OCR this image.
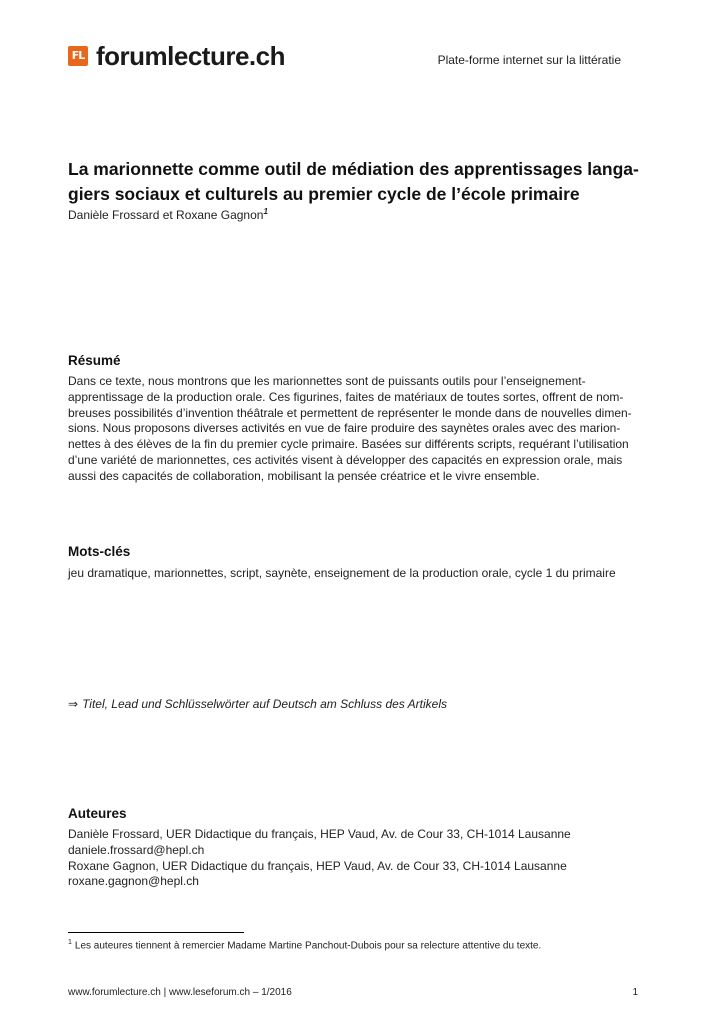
FL forumlecture.ch	Plate-forme internet sur la littératie
La marionnette comme outil de médiation des apprentissages langa-
giers sociaux et culturels au premier cycle de l’école primaire
Danièle Frossard et Roxane Gagnon$^1$
Résumé
Dans ce texte, nous montrons que les marionnettes sont de puissants outils pour l’enseignement-
apprentissage de la production orale. Ces figurines, faites de matériaux de toutes sortes, offrent de nom-
breuses possibilités d’invention théâtrale et permettent de représenter le monde dans de nouvelles dimen-
sions. Nous proposons diverses activités en vue de faire produire des saynètes orales avec des marion-
nettes à des élèves de la fin du premier cycle primaire. Basées sur différents scripts, requérant l’utilisation
d’une variété de marionnettes, ces activités visent à développer des capacités en expression orale, mais
aussi des capacités de collaboration, mobilisant la pensée créatrice et le vivre ensemble.
Mots-clés
jeu dramatique, marionnettes, script, saynète, enseignement de la production orale, cycle 1 du primaire
⇒ Titel, Lead und Schlüsselwörter auf Deutsch am Schluss des Artikels
Auteures
Danièle Frossard, UER Didactique du français, HEP Vaud, Av. de Cour 33, CH-1014 Lausanne
daniele.frossard@hepl.ch
Roxane Gagnon, UER Didactique du français, HEP Vaud, Av. de Cour 33, CH-1014 Lausanne
roxane.gagnon@hepl.ch
$^1$ Les auteures tiennent à remercier Madame Martine Panchout-Dubois pour sa relecture attentive du texte.
www.forumlecture.ch | www.leseforum.ch – 1/2016	1
